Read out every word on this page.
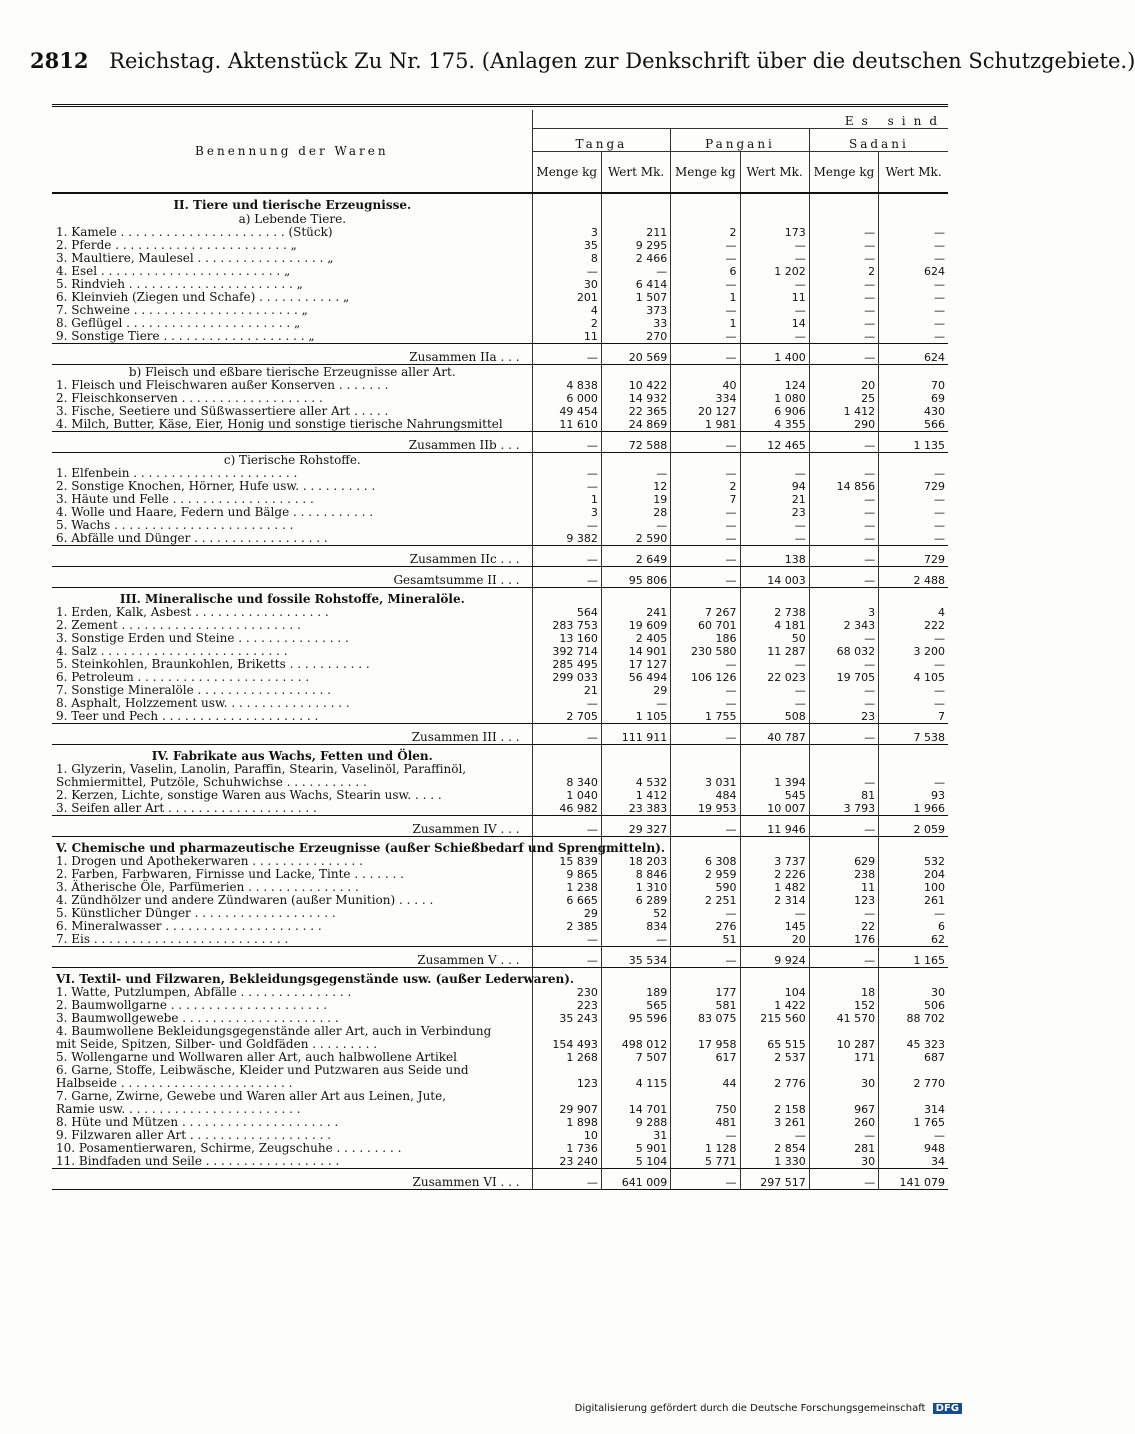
2812 Reichstag. Aktenstück Zu Nr. 175. (Anlagen zur Denkschrift über die deutschen Schutzgebiete.)
Benennung der Waren	Es sind					
	Tanga		Pangani		Sadani	
	Menge kg	Wert Mk.	Menge kg	Wert Mk.	Menge kg	Wert Mk.
II. Tiere und tierische Erzeugnisse.						
a) Lebende Tiere.						
1. Kamele . . . . . . . . . . . . . . . . . . . . . . (Stück)	3	211	2	173	—	—
2. Pferde . . . . . . . . . . . . . . . . . . . . . . . „	35	9 295	—	—	—	—
3. Maultiere, Maulesel . . . . . . . . . . . . . . . . . „	8	2 466	—	—	—	—
4. Esel . . . . . . . . . . . . . . . . . . . . . . . . „	—	—	6	1 202	2	624
5. Rindvieh . . . . . . . . . . . . . . . . . . . . . . „	30	6 414	—	—	—	—
6. Kleinvieh (Ziegen und Schafe) . . . . . . . . . . . „	201	1 507	1	11	—	—
7. Schweine . . . . . . . . . . . . . . . . . . . . . . „	4	373	—	—	—	—
8. Geflügel . . . . . . . . . . . . . . . . . . . . . . „	2	33	1	14	—	—
9. Sonstige Tiere . . . . . . . . . . . . . . . . . . . „	11	270	—	—	—	—
Zusammen IIa . . .	—	20 569	—	1 400	—	624
b) Fleisch und eßbare tierische Erzeugnisse aller Art.						
1. Fleisch und Fleischwaren außer Konserven . . . . . . .	4 838	10 422	40	124	20	70
2. Fleischkonserven . . . . . . . . . . . . . . . . . . .	6 000	14 932	334	1 080	25	69
3. Fische, Seetiere und Süßwassertiere aller Art . . . . .	49 454	22 365	20 127	6 906	1 412	430
4. Milch, Butter, Käse, Eier, Honig und sonstige tierische Nahrungsmittel	11 610	24 869	1 981	4 355	290	566
Zusammen IIb . . .	—	72 588	—	12 465	—	1 135
c) Tierische Rohstoffe.						
1. Elfenbein . . . . . . . . . . . . . . . . . . . . . .	—	—	—	—	—	—
2. Sonstige Knochen, Hörner, Hufe usw. . . . . . . . . . .	—	12	2	94	14 856	729
3. Häute und Felle . . . . . . . . . . . . . . . . . . .	1	19	7	21	—	—
4. Wolle und Haare, Federn und Bälge . . . . . . . . . . .	3	28	—	23	—	—
5. Wachs . . . . . . . . . . . . . . . . . . . . . . . .	—	—	—	—	—	—
6. Abfälle und Dünger . . . . . . . . . . . . . . . . . .	9 382	2 590	—	—	—	—
Zusammen IIc . . .	—	2 649	—	138	—	729
Gesamtsumme II . . .	—	95 806	—	14 003	—	2 488
III. Mineralische und fossile Rohstoffe, Mineralöle.						
1. Erden, Kalk, Asbest . . . . . . . . . . . . . . . . . .	564	241	7 267	2 738	3	4
2. Zement . . . . . . . . . . . . . . . . . . . . . . . .	283 753	19 609	60 701	4 181	2 343	222
3. Sonstige Erden und Steine . . . . . . . . . . . . . . .	13 160	2 405	186	50	—	—
4. Salz . . . . . . . . . . . . . . . . . . . . . . . . .	392 714	14 901	230 580	11 287	68 032	3 200
5. Steinkohlen, Braunkohlen, Briketts . . . . . . . . . . .	285 495	17 127	—	—	—	—
6. Petroleum . . . . . . . . . . . . . . . . . . . . . . .	299 033	56 494	106 126	22 023	19 705	4 105
7. Sonstige Mineralöle . . . . . . . . . . . . . . . . . .	21	29	—	—	—	—
8. Asphalt, Holzzement usw. . . . . . . . . . . . . . . . .	—	—	—	—	—	—
9. Teer und Pech . . . . . . . . . . . . . . . . . . . . .	2 705	1 105	1 755	508	23	7
Zusammen III . . .	—	111 911	—	40 787	—	7 538
IV. Fabrikate aus Wachs, Fetten und Ölen.						
1. Glyzerin, Vaselin, Lanolin, Paraffin, Stearin, Vaselinöl, Paraffinöl,						
Schmiermittel, Putzöle, Schuhwichse . . . . . . . . . . .	8 340	4 532	3 031	1 394	—	—
2. Kerzen, Lichte, sonstige Waren aus Wachs, Stearin usw. . . . .	1 040	1 412	484	545	81	93
3. Seifen aller Art . . . . . . . . . . . . . . . . . . . .	46 982	23 383	19 953	10 007	3 793	1 966
Zusammen IV . . .	—	29 327	—	11 946	—	2 059
V. Chemische und pharmazeutische Erzeugnisse (außer Schießbedarf und Sprengmitteln).						
1. Drogen und Apothekerwaren . . . . . . . . . . . . . . .	15 839	18 203	6 308	3 737	629	532
2. Farben, Farbwaren, Firnisse und Lacke, Tinte . . . . . . .	9 865	8 846	2 959	2 226	238	204
3. Ätherische Öle, Parfümerien . . . . . . . . . . . . . . .	1 238	1 310	590	1 482	11	100
4. Zündhölzer und andere Zündwaren (außer Munition) . . . . .	6 665	6 289	2 251	2 314	123	261
5. Künstlicher Dünger . . . . . . . . . . . . . . . . . . .	29	52	—	—	—	—
6. Mineralwasser . . . . . . . . . . . . . . . . . . . . .	2 385	834	276	145	22	6
7. Eis . . . . . . . . . . . . . . . . . . . . . . . . . .	—	—	51	20	176	62
Zusammen V . . .	—	35 534	—	9 924	—	1 165
VI. Textil- und Filzwaren, Bekleidungsgegenstände usw. (außer Lederwaren).						
1. Watte, Putzlumpen, Abfälle . . . . . . . . . . . . . . .	230	189	177	104	18	30
2. Baumwollgarne . . . . . . . . . . . . . . . . . . . . .	223	565	581	1 422	152	506
3. Baumwollgewebe . . . . . . . . . . . . . . . . . . . . .	35 243	95 596	83 075	215 560	41 570	88 702
4. Baumwollene Bekleidungsgegenstände aller Art, auch in Verbindung						
mit Seide, Spitzen, Silber- und Goldfäden . . . . . . . . .	154 493	498 012	17 958	65 515	10 287	45 323
5. Wollengarne und Wollwaren aller Art, auch halbwollene Artikel	1 268	7 507	617	2 537	171	687
6. Garne, Stoffe, Leibwäsche, Kleider und Putzwaren aus Seide und						
Halbseide . . . . . . . . . . . . . . . . . . . . . . .	123	4 115	44	2 776	30	2 770
7. Garne, Zwirne, Gewebe und Waren aller Art aus Leinen, Jute,						
Ramie usw. . . . . . . . . . . . . . . . . . . . . . . .	29 907	14 701	750	2 158	967	314
8. Hüte und Mützen . . . . . . . . . . . . . . . . . . . . .	1 898	9 288	481	3 261	260	1 765
9. Filzwaren aller Art . . . . . . . . . . . . . . . . . . .	10	31	—	—	—	—
10. Posamentierwaren, Schirme, Zeugschuhe . . . . . . . . .	1 736	5 901	1 128	2 854	281	948
11. Bindfaden und Seile . . . . . . . . . . . . . . . . . .	23 240	5 104	5 771	1 330	30	34
Zusammen VI . . .	—	641 009	—	297 517	—	141 079
Digitalisierung gefördert durch die Deutsche Forschungsgemeinschaft DFG
